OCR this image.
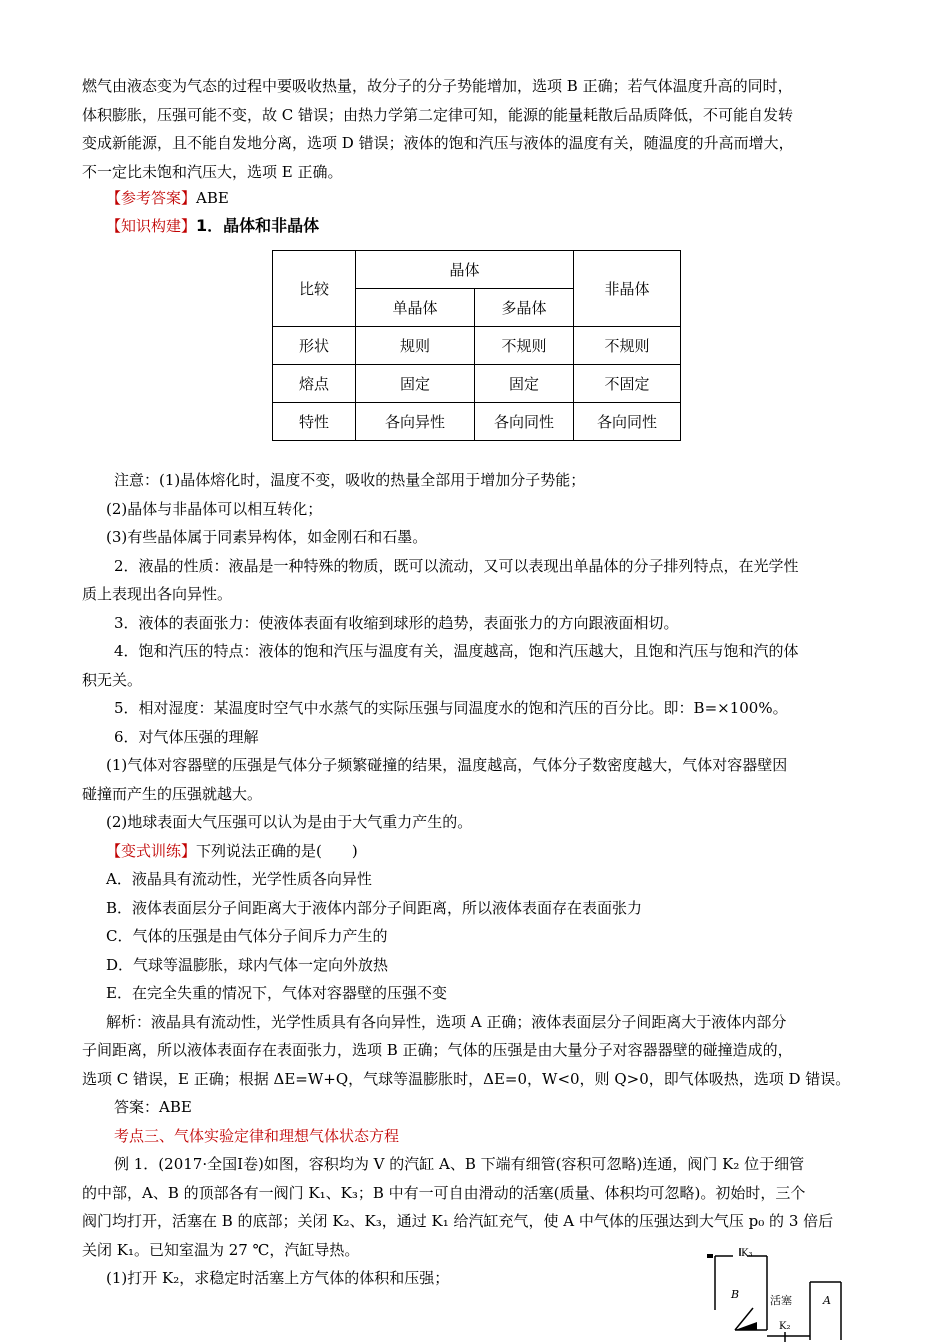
燃气由液态变为气态的过程中要吸收热量，故分子的分子势能增加，选项 B 正确；若气体温度升高的同时，
体积膨胀，压强可能不变，故 C 错误；由热力学第二定律可知，能源的能量耗散后品质降低，不可能自发转
变成新能源，且不能自发地分离，选项 D 错误；液体的饱和汽压与液体的温度有关，随温度的升高而增大，
不一定比未饱和汽压大，选项 E 正确。
【参考答案】ABE
【知识构建】1．晶体和非晶体
比较	晶体		非晶体
	单晶体	多晶体	
形状	规则	不规则	不规则
熔点	固定	固定	不固定
特性	各向异性	各向同性	各向同性
注意：(1)晶体熔化时，温度不变，吸收的热量全部用于增加分子势能；
(2)晶体与非晶体可以相互转化；
(3)有些晶体属于同素异构体，如金刚石和石墨。
2．液晶的性质：液晶是一种特殊的物质，既可以流动，又可以表现出单晶体的分子排列特点，在光学性
质上表现出各向异性。
3．液体的表面张力：使液体表面有收缩到球形的趋势，表面张力的方向跟液面相切。
4．饱和汽压的特点：液体的饱和汽压与温度有关，温度越高，饱和汽压越大，且饱和汽压与饱和汽的体
积无关。
5．相对湿度：某温度时空气中水蒸气的实际压强与同温度水的饱和汽压的百分比。即：B=×100%。
6．对气体压强的理解
(1)气体对容器壁的压强是气体分子频繁碰撞的结果，温度越高，气体分子数密度越大，气体对容器壁因
碰撞而产生的压强就越大。
(2)地球表面大气压强可以认为是由于大气重力产生的。
【变式训练】下列说法正确的是(　　)
A．液晶具有流动性，光学性质各向异性
B．液体表面层分子间距离大于液体内部分子间距离，所以液体表面存在表面张力
C．气体的压强是由气体分子间斥力产生的
D．气球等温膨胀，球内气体一定向外放热
E．在完全失重的情况下，气体对容器壁的压强不变
解析：液晶具有流动性，光学性质具有各向异性，选项 A 正确；液体表面层分子间距离大于液体内部分
子间距离，所以液体表面存在表面张力，选项 B 正确；气体的压强是由大量分子对容器器壁的碰撞造成的，
选项 C 错误，E 正确；根据 ΔE=W+Q，气球等温膨胀时，ΔE=0，W<0，则 Q>0，即气体吸热，选项 D 错误。
答案：ABE
考点三、气体实验定律和理想气体状态方程
例 1．(2017·全国Ⅰ卷)如图，容积均为 V 的汽缸 A、B 下端有细管(容积可忽略)连通，阀门 K₂ 位于细管
的中部，A、B 的顶部各有一阀门 K₁、K₃；B 中有一可自由滑动的活塞(质量、体积均可忽略)。初始时，三个
阀门均打开，活塞在 B 的底部；关闭 K₂、K₃，通过 K₁ 给汽缸充气，使 A 中气体的压强达到大气压 p₀ 的 3 倍后
关闭 K₁。已知室温为 27 ℃，汽缸导热。
(1)打开 K₂，求稳定时活塞上方气体的体积和压强；
K₃
B	活塞	A
K₂
